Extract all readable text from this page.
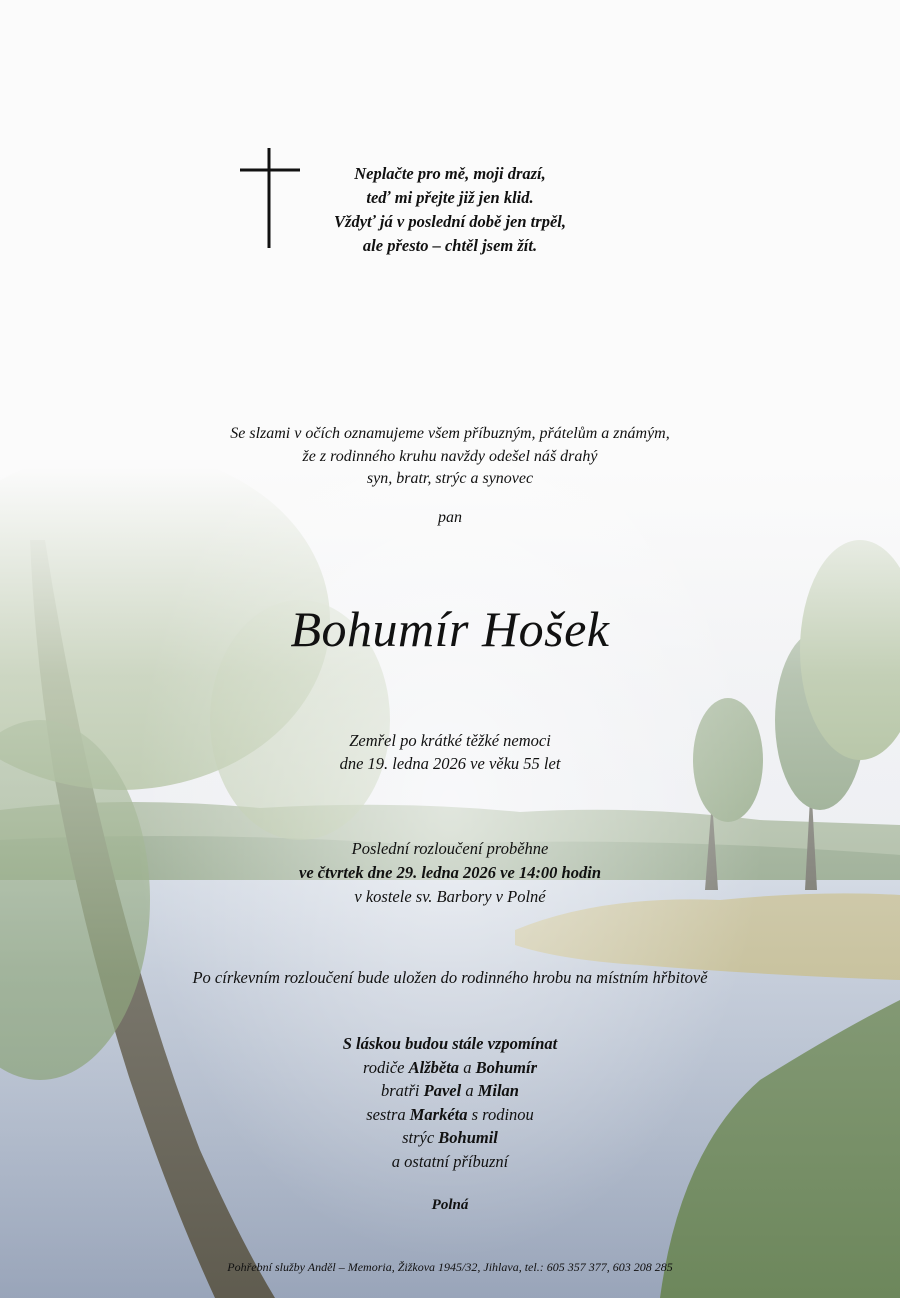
Neplačte pro mě, moji drazí,
teď mi přejte již jen klid.
Vždyť já v poslední době jen trpěl,
ale přesto – chtěl jsem žít.
Se slzami v očích oznamujeme všem příbuzným, přátelům a známým,
že z rodinného kruhu navždy odešel náš drahý
syn, bratr, strýc a synovec
pan
Bohumír Hošek
Zemřel po krátké těžké nemoci
dne 19. ledna 2026 ve věku 55 let
Poslední rozloučení proběhne
ve čtvrtek dne 29. ledna 2026 ve 14:00 hodin
v kostele sv. Barbory v Polné
Po církevním rozloučení bude uložen do rodinného hrobu na místním hřbitově
S láskou budou stále vzpomínat
rodiče Alžběta a Bohumír
bratři Pavel a Milan
sestra Markéta s rodinou
strýc Bohumil
a ostatní příbuzní
Polná
Pohřební služby Anděl – Memoria, Žižkova 1945/32, Jihlava, tel.: 605 357 377, 603 208 285
